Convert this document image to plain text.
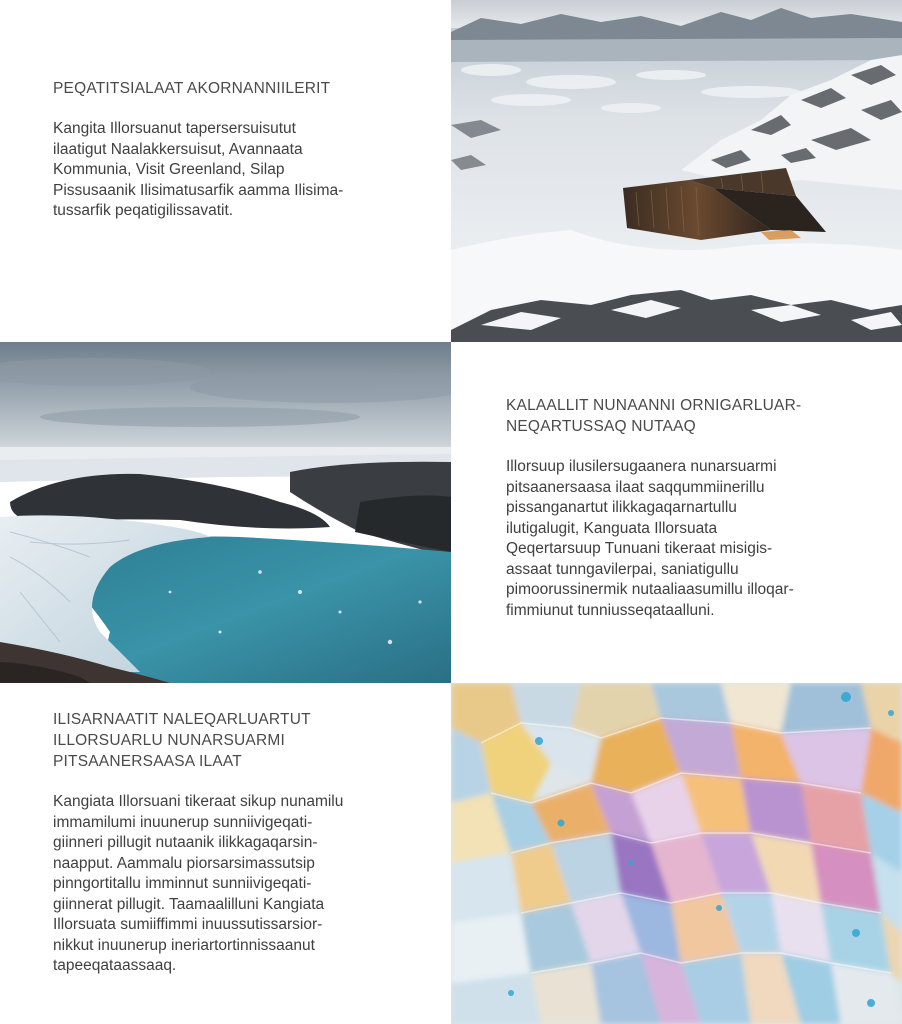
PEQATITSIALAAT AKORNANNIILERIT

Kangita Illorsuanut tapersersuisutut
ilaatigut Naalakkersuisut, Avannaata
Kommunia, Visit Greenland, Silap
Pissusaanik Ilisimatusarfik aamma Ilisima-
tussarfik peqatigilissavatit.

KALAALLIT NUNAANNI ORNIGARLUAR-
NEQARTUSSAQ NUTAAQ

Illorsuup ilusilersugaanera nunarsuarmi
pitsaanersaasa ilaat saqqummiinerillu
pissanganartut ilikkagaqarnartullu
ilutigalugit, Kanguata Illorsuata
Qeqertarsuup Tunuani tikeraat misigis-
assaat tunngavilerpai, saniatigullu
pimoorussinermik nutaaliaasumillu illoqar-
fimmiunut tunniusseqataalluni.

ILISARNAATIT NALEQARLUARTUT
ILLORSUARLU NUNARSUARMI
PITSAANERSAASA ILAAT

Kangiata Illorsuani tikeraat sikup nunamilu
immamilumi inuunerup sunniivigeqati-
giinneri pillugit nutaanik ilikkagaqarsin-
naapput. Aammalu piorsarsimassutsip
pinngortitallu imminnut sunniivigeqati-
giinnerat pillugit. Taamaalilluni Kangiata
Illorsuata sumiiffimmi inuussutissarsior-
nikkut inuunerup ineriartortinnissaanut
tapeeqataassaaq.
